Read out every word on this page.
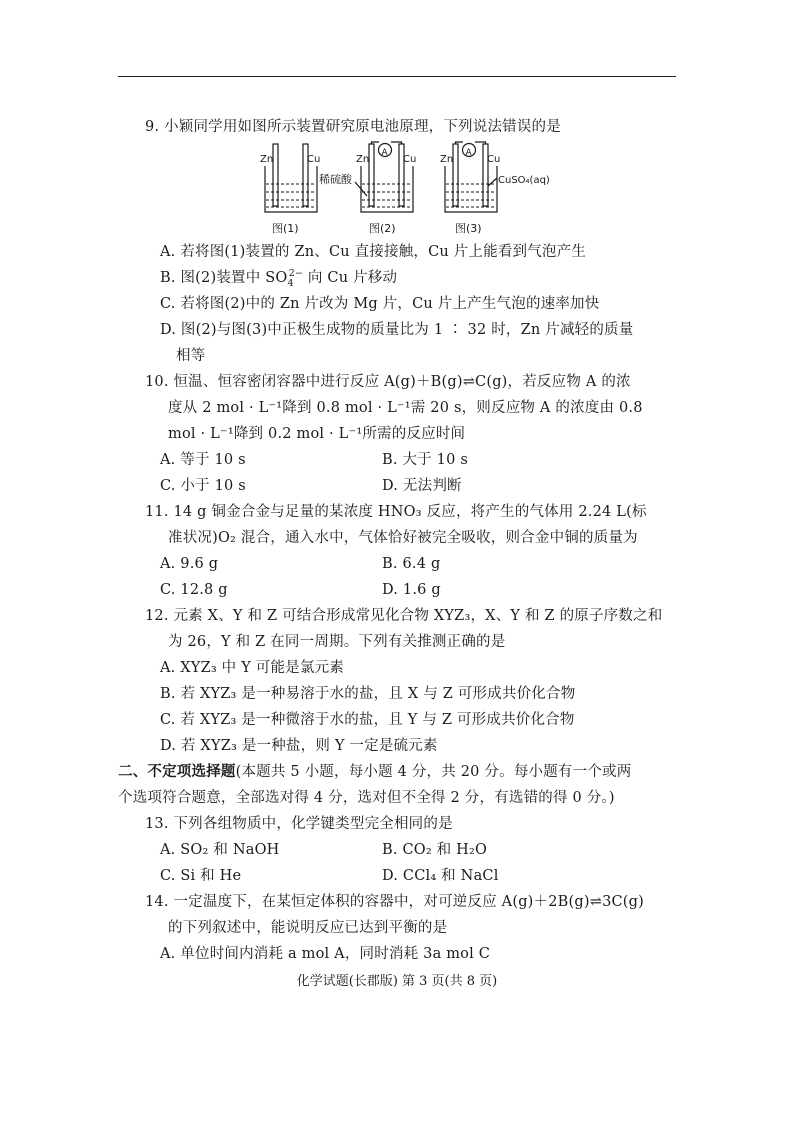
9. 小颖同学用如图所示装置研究原电池原理，下列说法错误的是
Zn	Cu	Zn	Cu
稀硫酸
A
Zn	Cu
CuSO₄(aq)
A
图(1)	图(2)	图(3)
A. 若将图(1)装置的 Zn、Cu 直接接触，Cu 片上能看到气泡产生
B. 图(2)装置中 $SO_4^{2-}$ 向 Cu 片移动
C. 若将图(2)中的 Zn 片改为 Mg 片，Cu 片上产生气泡的速率加快
D. 图(2)与图(3)中正极生成物的质量比为 1 ∶ 32 时，Zn 片减轻的质量
相等
10. 恒温、恒容密闭容器中进行反应 A(g)＋B(g)⇌C(g)，若反应物 A 的浓
度从 2 mol · L⁻¹降到 0.8 mol · L⁻¹需 20 s，则反应物 A 的浓度由 0.8
mol · L⁻¹降到 0.2 mol · L⁻¹所需的反应时间
A. 等于 10 s	B. 大于 10 s
C. 小于 10 s	D. 无法判断
11. 14 g 铜金合金与足量的某浓度 HNO₃ 反应，将产生的气体用 2.24 L(标
准状况)O₂ 混合，通入水中，气体恰好被完全吸收，则合金中铜的质量为
A. 9.6 g	B. 6.4 g
C. 12.8 g	D. 1.6 g
12. 元素 X、Y 和 Z 可结合形成常见化合物 XYZ₃，X、Y 和 Z 的原子序数之和
为 26，Y 和 Z 在同一周期。下列有关推测正确的是
A. XYZ₃ 中 Y 可能是氯元素
B. 若 XYZ₃ 是一种易溶于水的盐，且 X 与 Z 可形成共价化合物
C. 若 XYZ₃ 是一种微溶于水的盐，且 Y 与 Z 可形成共价化合物
D. 若 XYZ₃ 是一种盐，则 Y 一定是硫元素
二、不定项选择题(本题共 5 小题，每小题 4 分，共 20 分。每小题有一个或两
个选项符合题意，全部选对得 4 分，选对但不全得 2 分，有选错的得 0 分。)
13. 下列各组物质中，化学键类型完全相同的是
A. SO₂ 和 NaOH	B. CO₂ 和 H₂O
C. Si 和 He	D. CCl₄ 和 NaCl
14. 一定温度下，在某恒定体积的容器中，对可逆反应 A(g)＋2B(g)⇌3C(g)
的下列叙述中，能说明反应已达到平衡的是
A. 单位时间内消耗 a mol A，同时消耗 3a mol C
化学试题(长郡版) 第 3 页(共 8 页)
